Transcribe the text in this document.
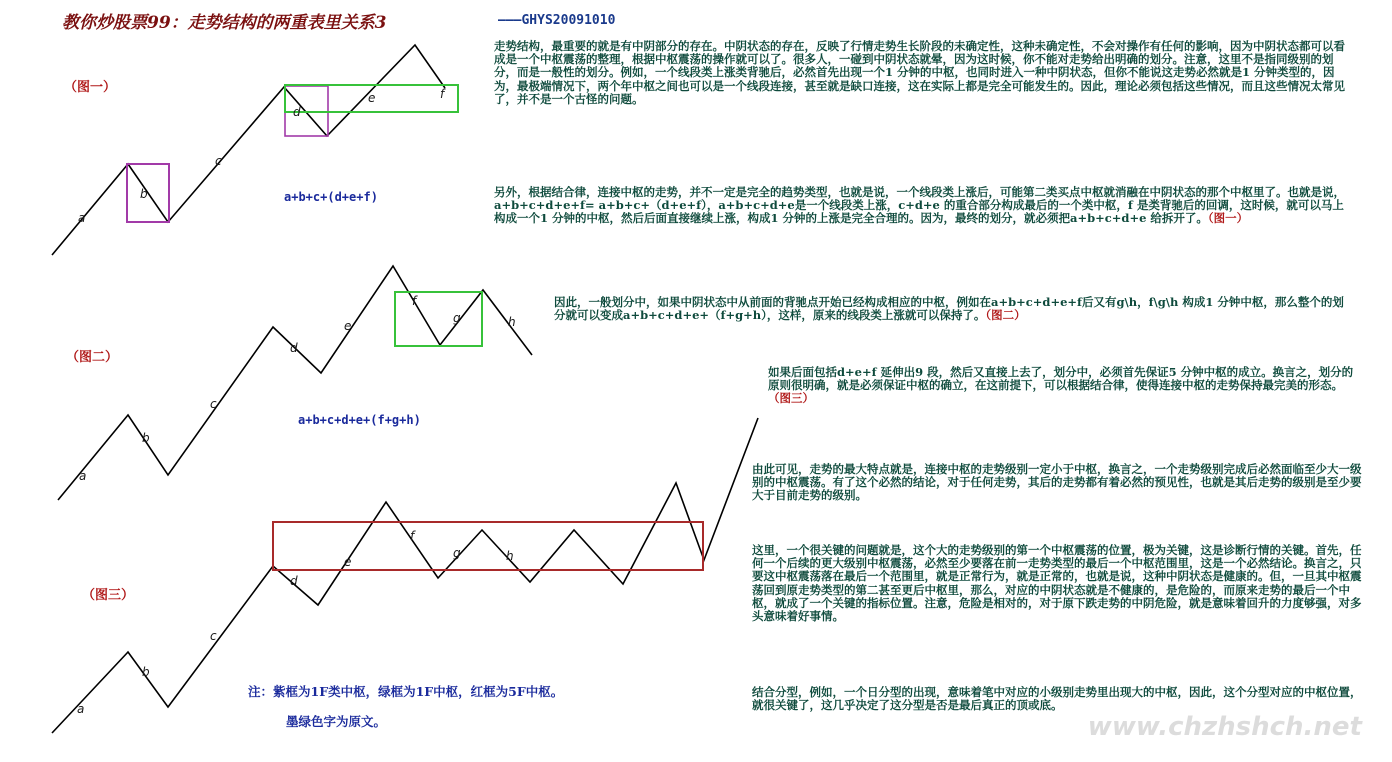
教你炒股票99：走势结构的两重表里关系3	———GHYS20091010
（图一）
（图二）
（图三）
a+b+c+(d+e+f)
a+b+c+d+e+(f+g+h)
a
b
c
d
e	f
a
b
c
d
e
f
g	h
a
b
c
d
e
f
g	h

走势结构，最重要的就是有中阴部分的存在。中阴状态的存在，反映了行情走势生长阶段的未确定性，这种未确定性，不会对操作有任何的影响，因为中阴状态都可以看成是一个中枢震荡的整理，根据中枢震荡的操作就可以了。很多人，一碰到中阴状态就晕，因为这时候，你不能对走势给出明确的划分。注意，这里不是指同级别的划分，而是一般性的划分。例如，一个线段类上涨类背驰后，必然首先出现一个1 分钟的中枢，也同时进入一种中阴状态，但你不能说这走势必然就是1 分钟类型的，因为，最极端情况下，两个年中枢之间也可以是一个线段连接，甚至就是缺口连接，这在实际上都是完全可能发生的。因此，理论必须包括这些情况，而且这些情况太常见了，并不是一个古怪的问题。

另外，根据结合律，连接中枢的走势，并不一定是完全的趋势类型，也就是说，一个线段类上涨后，可能第二类买点中枢就消融在中阴状态的那个中枢里了。也就是说，a+b+c+d+e+f= a+b+c+（d+e+f），a+b+c+d+e是一个线段类上涨，c+d+e 的重合部分构成最后的一个类中枢，f 是类背驰后的回调，这时候，就可以马上构成一个1 分钟的中枢，然后后面直接继续上涨，构成1 分钟的上涨是完全合理的。因为，最终的划分，就必须把a+b+c+d+e 给拆开了。（图一）

因此，一般划分中，如果中阴状态中从前面的背驰点开始已经构成相应的中枢，例如在a+b+c+d+e+f后又有g\h，f\g\h 构成1 分钟中枢，那么整个的划分就可以变成a+b+c+d+e+（f+g+h），这样，原来的线段类上涨就可以保持了。（图二）

如果后面包括d+e+f 延伸出9 段，然后又直接上去了，划分中，必须首先保证5 分钟中枢的成立。换言之，划分的原则很明确，就是必须保证中枢的确立，在这前提下，可以根据结合律，使得连接中枢的走势保持最完美的形态。（图三）

由此可见，走势的最大特点就是，连接中枢的走势级别一定小于中枢，换言之，一个走势级别完成后必然面临至少大一级别的中枢震荡。有了这个必然的结论，对于任何走势，其后的走势都有着必然的预见性，也就是其后走势的级别是至少要大于目前走势的级别。

这里，一个很关键的问题就是，这个大的走势级别的第一个中枢震荡的位置，极为关键，这是诊断行情的关键。首先，任何一个后续的更大级别中枢震荡，必然至少要落在前一走势类型的最后一个中枢范围里，这是一个必然结论。换言之，只要这中枢震荡落在最后一个范围里，就是正常行为，就是正常的，也就是说，这种中阴状态是健康的。但，一旦其中枢震荡回到原走势类型的第二甚至更后中枢里，那么，对应的中阴状态就是不健康的，是危险的，而原来走势的最后一个中枢，就成了一个关键的指标位置。注意，危险是相对的，对于原下跌走势的中阴危险，就是意味着回升的力度够强，对多头意味着好事情。

结合分型，例如，一个日分型的出现，意味着笔中对应的小级别走势里出现大的中枢，因此，这个分型对应的中枢位置，就很关键了，这几乎决定了这分型是否是最后真正的顶或底。

注：紫框为1F类中枢，绿框为1F中枢，红框为5F中枢。
墨绿色字为原文。	www.chzhshch.net
